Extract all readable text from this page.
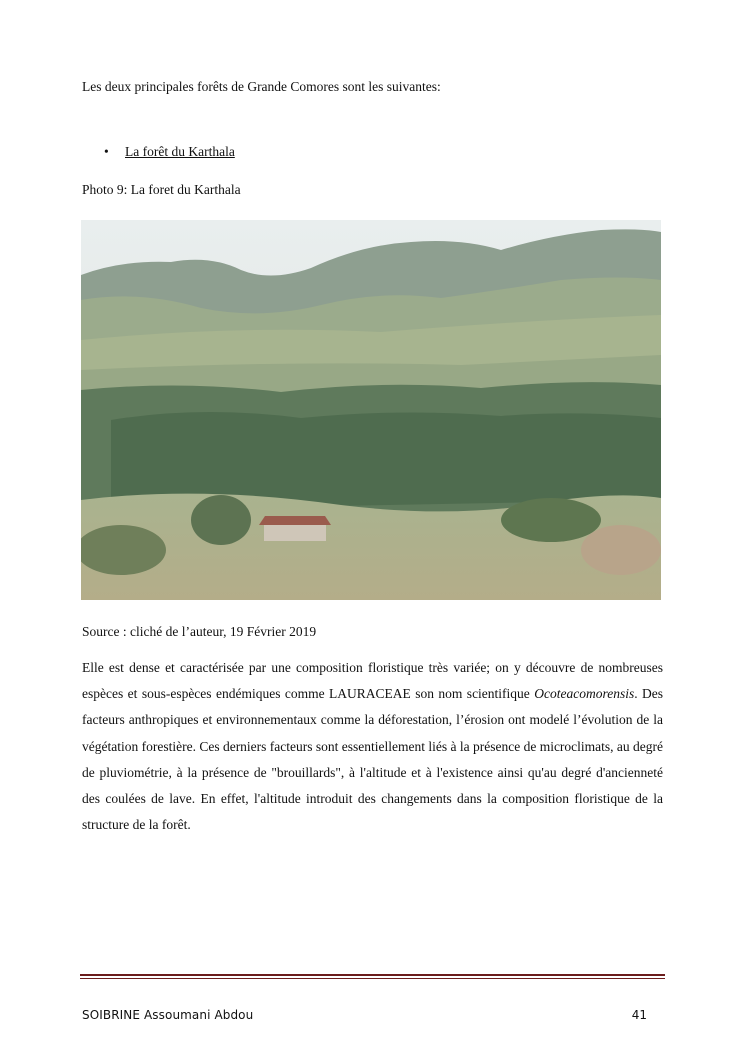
Les deux principales forêts de Grande Comores sont les suivantes:

• La forêt du Karthala

Photo 9: La foret du Karthala

Source : cliché de l’auteur, 19 Février 2019

Elle est dense et caractérisée par une composition floristique très variée; on y découvre de nombreuses espèces et sous-espèces endémiques comme LAURACEAE son nom scientifique Ocoteacomorensis. Des facteurs anthropiques et environnementaux comme la déforestation, l’érosion ont modelé l’évolution de la végétation forestière. Ces derniers facteurs sont essentiellement liés à la présence de microclimats, au degré de pluviométrie, à la présence de "brouillards", à l'altitude et à l'existence ainsi qu'au degré d'ancienneté des coulées de lave. En effet, l'altitude introduit des changements dans la composition floristique de la structure de la forêt.

SOIBRINE Assoumani Abdou	41
